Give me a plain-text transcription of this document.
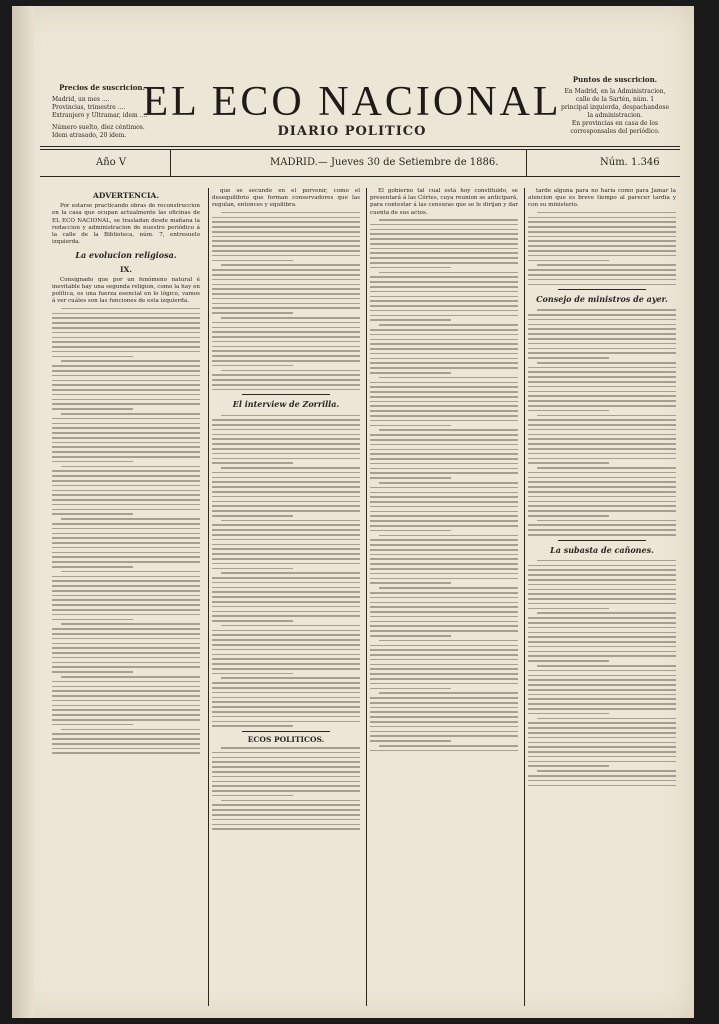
Precios de suscricion.
Madrid, un mes ....
Provincias, trimestre ....
Extranjero y Ultramar, idem ....
Número suelto, diez céntimos.
Idem atrasado, 20 idem.
EL ECO NACIONAL
DIARIO POLITICO
Puntos de suscricion.
En Madrid, en la Administracion, calle de la Sartén, núm. 1
principal izquierda, despachandose
la administracion.
En provincias en casa de los
corresponsales del periódico.
Año V	MADRID.— Jueves 30 de Setiembre de 1886.	Núm. 1.346
ADVERTENCIA.

Por estarse practicando obras de reconstruccion en la casa que ocupan actualmente las oficinas de EL ECO NACIONAL, se trasladan desde mañana la redaccion y administracion de nuestro periódico á la calle de la Biblioteca, núm. 7, entresuelo izquierda.

La evolucion religiosa.
IX.

Consignado que por un fenómeno natural é inevitable hay una segunda religion, como la hay en política, es una fuerza esencial en lo lógico, vamos á ver cuáles son las funciones de esta izquierda.

que se secunde en el porvenir, como el desequilibrio que forman conservadores que las regulan, entonces y equilibra.

El interview de Zorrilla.
ECOS POLITICOS.

El gobierno tal cual está hoy constituido, se presentará á las Córtes, cuya reunion se anticipará, para contestar á las censuras que se le dirijan y dar cuenta de sus actos.

tarde alguna para no haria como para Jamar la atencion que es breve tiempo al parecer tardia y con su ministerio.

Consejo de ministros de ayer.
La subasta de cañones.
